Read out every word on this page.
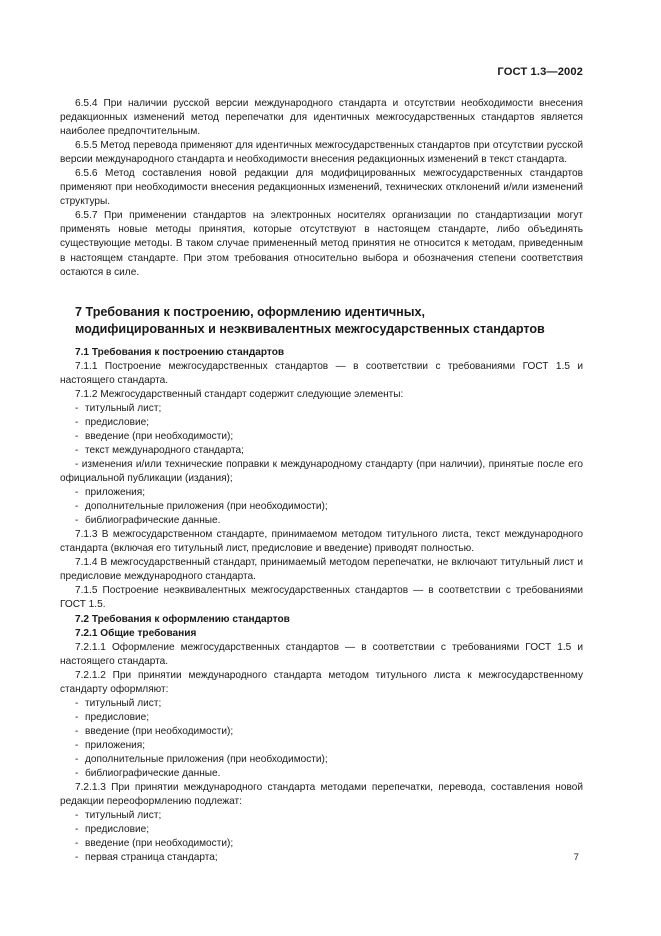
ГОСТ 1.3—2002

6.5.4 При наличии русской версии международного стандарта и отсутствии необходимости внесения редакционных изменений метод перепечатки для идентичных межгосударственных стандартов является наиболее предпочтительным.

6.5.5 Метод перевода применяют для идентичных межгосударственных стандартов при отсутствии русской версии международного стандарта и необходимости внесения редакционных изменений в текст стандарта.

6.5.6 Метод составления новой редакции для модифицированных межгосударственных стандартов применяют при необходимости внесения редакционных изменений, технических отклонений и/или изменений структуры.

6.5.7 При применении стандартов на электронных носителях организации по стандартизации могут применять новые методы принятия, которые отсутствуют в настоящем стандарте, либо объединять существующие методы. В таком случае примененный метод принятия не относится к методам, приведенным в настоящем стандарте. При этом требования относительно выбора и обозначения степени соответствия остаются в силе.

7 Требования к построению, оформлению идентичных,

модифицированных и неэквивалентных межгосударственных стандартов

7.1 Требования к построению стандартов

7.1.1 Построение межгосударственных стандартов — в соответствии с требованиями ГОСТ 1.5 и настоящего стандарта.

7.1.2 Межгосударственный стандарт содержит следующие элементы:

- титульный лист;

- предисловие;

- введение (при необходимости);

- текст международного стандарта;

- изменения и/или технические поправки к международному стандарту (при наличии), принятые после его официальной публикации (издания);

- приложения;

- дополнительные приложения (при необходимости);

- библиографические данные.

7.1.3 В межгосударственном стандарте, принимаемом методом титульного листа, текст международного стандарта (включая его титульный лист, предисловие и введение) приводят полностью.

7.1.4 В межгосударственный стандарт, принимаемый методом перепечатки, не включают титульный лист и предисловие международного стандарта.

7.1.5 Построение неэквивалентных межгосударственных стандартов — в соответствии с требованиями ГОСТ 1.5.

7.2 Требования к оформлению стандартов

7.2.1 Общие требования

7.2.1.1 Оформление межгосударственных стандартов — в соответствии с требованиями ГОСТ 1.5 и настоящего стандарта.

7.2.1.2 При принятии международного стандарта методом титульного листа к межгосударственному стандарту оформляют:

- титульный лист;

- предисловие;

- введение (при необходимости);

- приложения;

- дополнительные приложения (при необходимости);

- библиографические данные.

7.2.1.3 При принятии международного стандарта методами перепечатки, перевода, составления новой редакции переоформлению подлежат:

- титульный лист;

- предисловие;

- введение (при необходимости);

- первая страница стандарта;	7
